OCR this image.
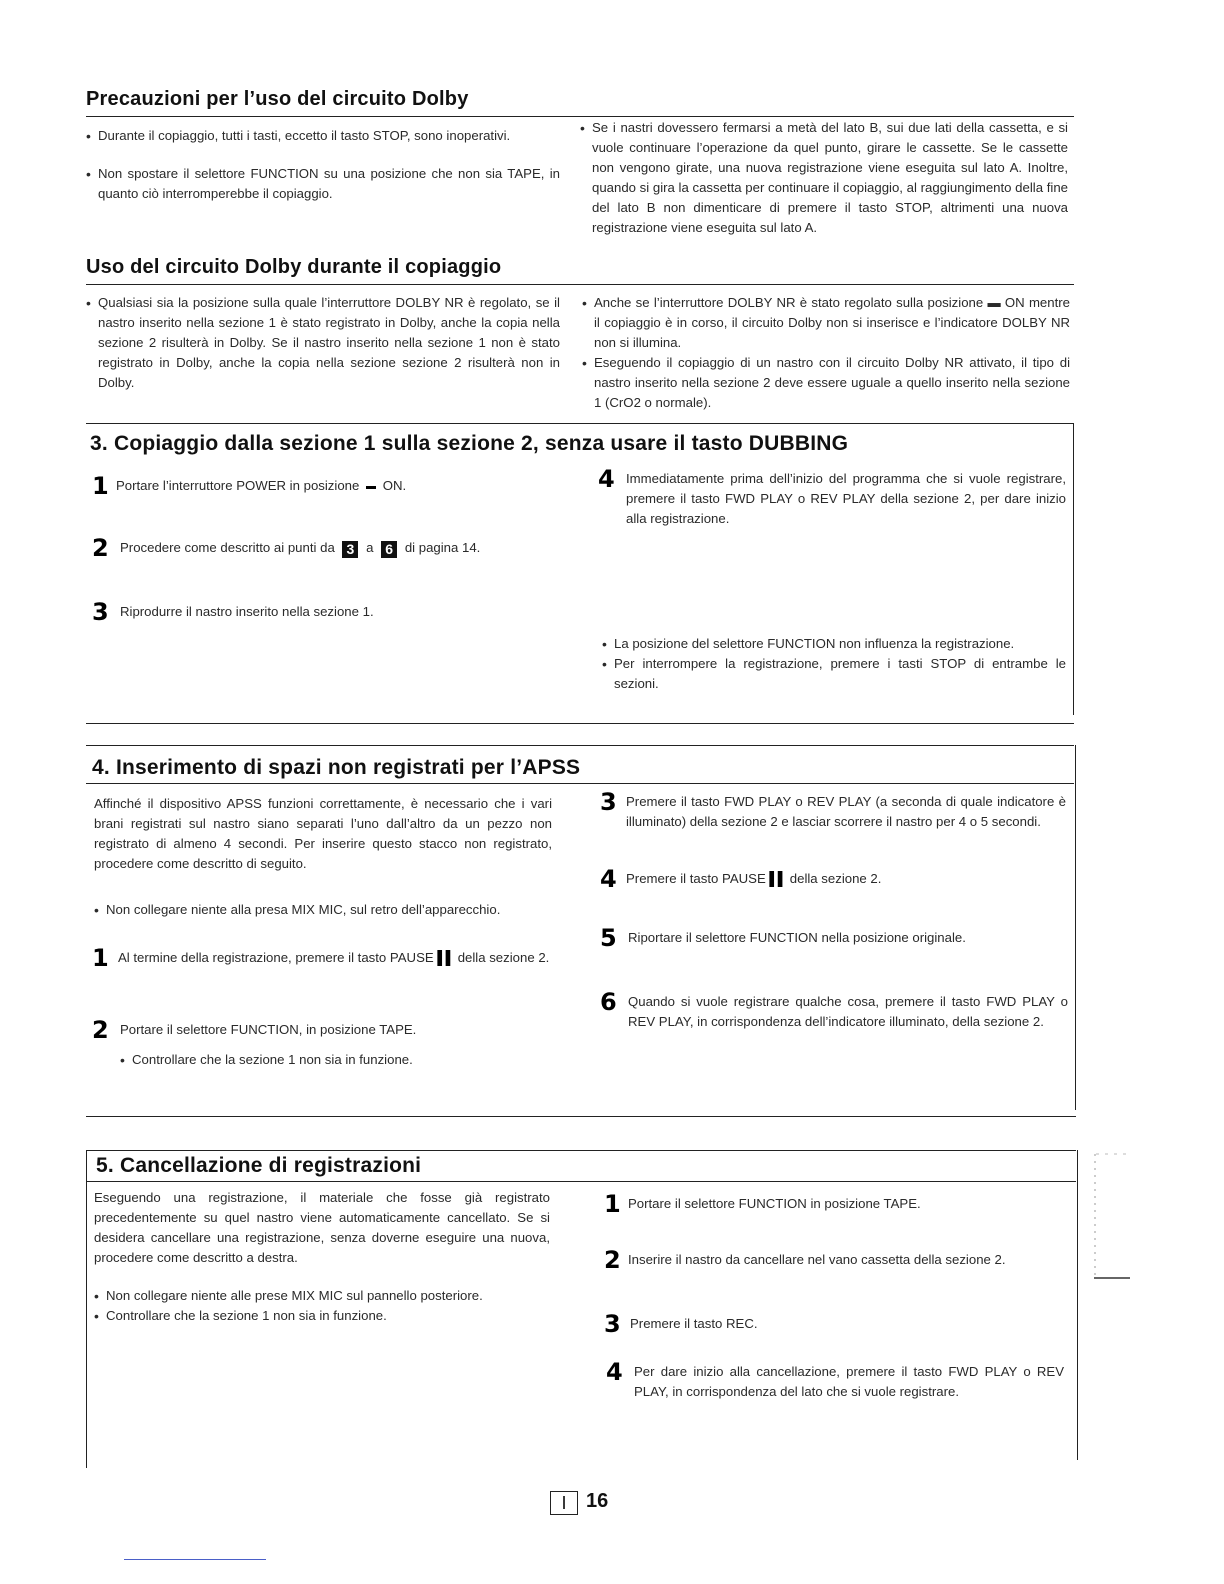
Precauzioni per l’uso del circuito Dolby
• Durante il copiaggio, tutti i tasti, eccetto il tasto STOP, sono inoperativi.
• Non spostare il selettore FUNCTION su una posizione che non sia TAPE, in quanto ciò interromperebbe il copiaggio.
• Se i nastri dovessero fermarsi a metà del lato B, sui due lati della cassetta, e si vuole continuare l’operazione da quel punto, girare le cassette. Se le cassette non vengono girate, una nuova registrazione viene eseguita sul lato A. Inoltre, quando si gira la cassetta per continuare il copiaggio, al raggiungimento della fine del lato B non dimenticare di premere il tasto STOP, altrimenti una nuova registrazione viene eseguita sul lato A.
Uso del circuito Dolby durante il copiaggio
• Qualsiasi sia la posizione sulla quale l’interruttore DOLBY NR è regolato, se il nastro inserito nella sezione 1 è stato registrato in Dolby, anche la copia nella sezione 2 risulterà in Dolby. Se il nastro inserito nella sezione 1 non è stato registrato in Dolby, anche la copia nella sezione sezione 2 risulterà non in Dolby.
• Anche se l’interruttore DOLBY NR è stato regolato sulla posizione ▬ ON mentre il copiaggio è in corso, il circuito Dolby non si inserisce e l’indicatore DOLBY NR non si illumina.
• Eseguendo il copiaggio di un nastro con il circuito Dolby NR attivato, il tipo di nastro inserito nella sezione 2 deve essere uguale a quello inserito nella sezione 1 (CrO2 o normale).
3. Copiaggio dalla sezione 1 sulla sezione 2, senza usare il tasto DUBBING
1 Portare l’interruttore POWER in posizione ▬ ON.
2 Procedere come descritto ai punti da 3 a 6 di pagina 14.
3 Riprodurre il nastro inserito nella sezione 1.
4 Immediatamente prima dell’inizio del programma che si vuole registrare, premere il tasto FWD PLAY o REV PLAY della sezione 2, per dare inizio alla registrazione.
• La posizione del selettore FUNCTION non influenza la registrazione.
• Per interrompere la registrazione, premere i tasti STOP di entrambe le sezioni.
4. Inserimento di spazi non registrati per l’APSS
Affinché il dispositivo APSS funzioni correttamente, è necessario che i vari brani registrati sul nastro siano separati l’uno dall’altro da un pezzo non registrato di almeno 4 secondi. Per inserire questo stacco non registrato, procedere come descritto di seguito.
• Non collegare niente alla presa MIX MIC, sul retro dell’apparecchio.
1 Al termine della registrazione, premere il tasto PAUSE ▌▌ della sezione 2.
2 Portare il selettore FUNCTION, in posizione TAPE.
• Controllare che la sezione 1 non sia in funzione.
3 Premere il tasto FWD PLAY o REV PLAY (a seconda di quale indicatore è illuminato) della sezione 2 e lasciar scorrere il nastro per 4 o 5 secondi.
4 Premere il tasto PAUSE ▌▌ della sezione 2.
5 Riportare il selettore FUNCTION nella posizione originale.
6 Quando si vuole registrare qualche cosa, premere il tasto FWD PLAY o REV PLAY, in corrispondenza dell’indicatore illuminato, della sezione 2.
5. Cancellazione di registrazioni
Eseguendo una registrazione, il materiale che fosse già registrato precedentemente su quel nastro viene automaticamente cancellato. Se si desidera cancellare una registrazione, senza doverne eseguire una nuova, procedere come descritto a destra.
• Non collegare niente alle prese MIX MIC sul pannello posteriore.
• Controllare che la sezione 1 non sia in funzione.
1 Portare il selettore FUNCTION in posizione TAPE.
2 Inserire il nastro da cancellare nel vano cassetta della sezione 2.
3 Premere il tasto REC.
4 Per dare inizio alla cancellazione, premere il tasto FWD PLAY o REV PLAY, in corrispondenza del lato che si vuole registrare.
I 16
